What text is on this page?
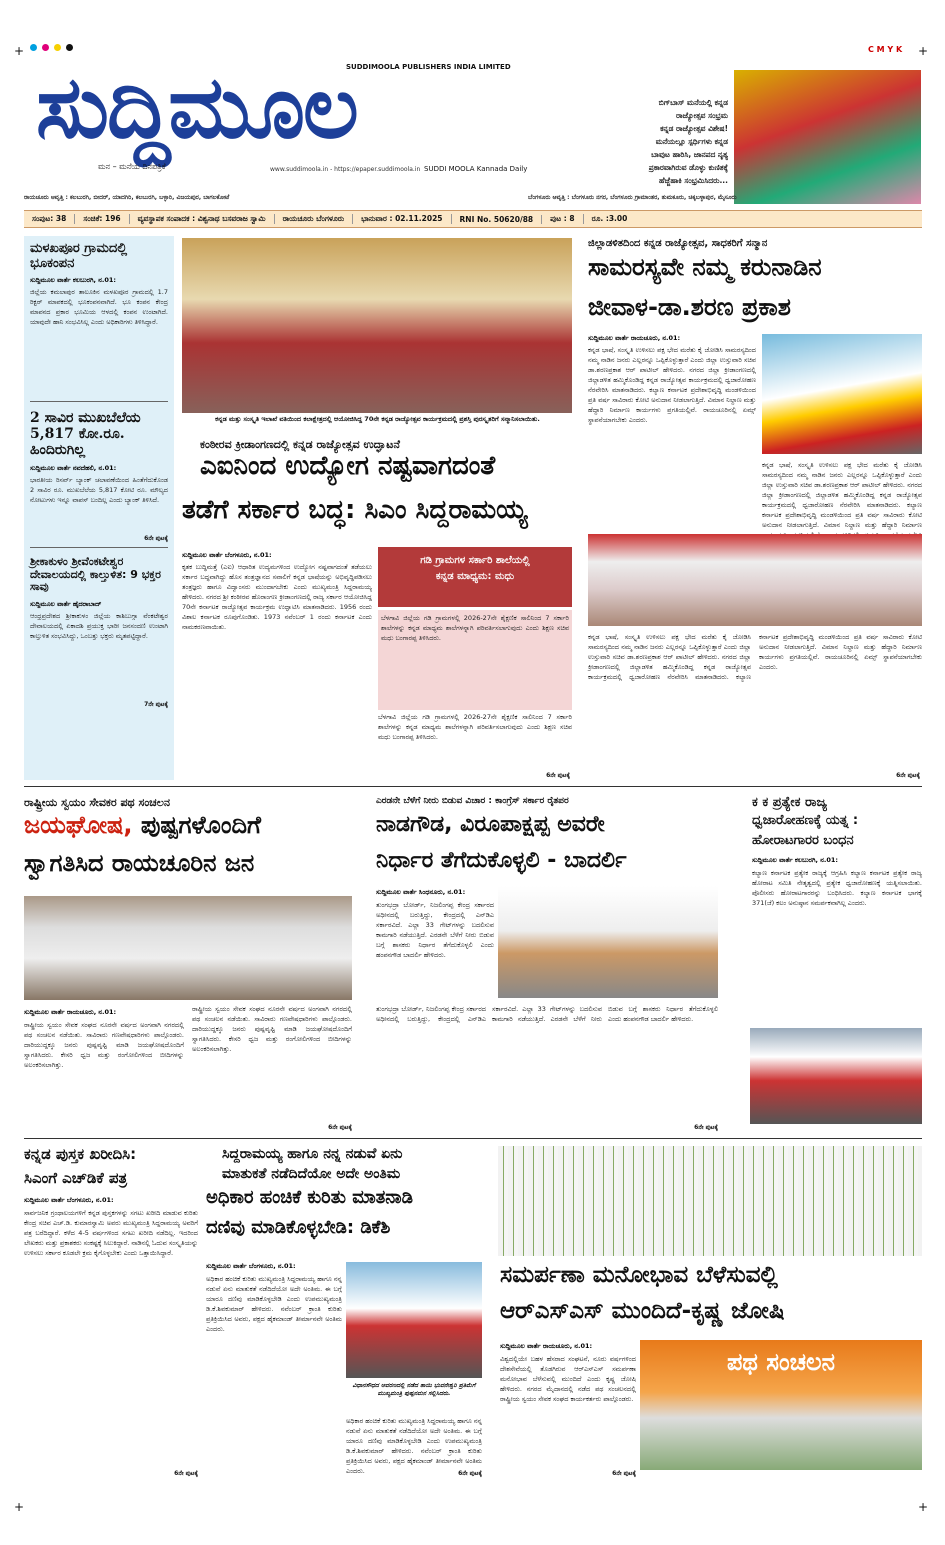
C M Y K
+	+
ಸುದ್ದಿಮೂಲ
SUDDIMOOLA PUBLISHERS INDIA LIMITED
ಮನ – ಮನೆಯ ದಿನಪತ್ರಿಕೆ	www.suddimoola.in - https://epaper.suddimoola.in SUDDI MOOLA Kannada Daily
ಬಿಗ್‌ಬಾಸ್ ಮನೆಯಲ್ಲಿ ಕನ್ನಡ
ರಾಜ್ಯೋತ್ಸವ ಸಂಭ್ರಮ
ಕನ್ನಡ ರಾಜ್ಯೋತ್ಸವ ವಿಶೇಷ!
ಮನೆಯಲ್ಲೂ ಸ್ಪರ್ಧಿಗಳು ಕನ್ನಡ
ಬಾವುಟ ಹಾರಿಸಿ, ಜಾನಪದ ನೃತ್ಯ
ಪ್ರಕಾರವಾಗಿರುವ ಡೊಳ್ಳು ಕುಣಿತಕ್ಕೆ
ಹೆಜ್ಜೆಹಾಕಿ ಸಂಭ್ರಮಿಸಿದರು...
ರಾಯಚೂರು ಆವೃತ್ತಿ : ಕಲಬುರಗಿ, ಬೀದರ್, ಯಾದಗಿರಿ, ಕಲಬುರಗಿ, ಬಳ್ಳಾರಿ, ವಿಜಯಪುರ, ಬಾಗಲಕೋಟೆ	ಬೆಂಗಳೂರು ಆವೃತ್ತಿ : ಬೆಂಗಳೂರು ನಗರ, ಬೆಂಗಳೂರು ಗ್ರಾಮಾಂತರ, ತುಮಕೂರು, ಚಿಕ್ಕಬಳ್ಳಾಪುರ, ಮೈಸೂರು
ಸಂಪುಟ: 38	ಸಂಚಿಕೆ: 196	ವ್ಯವಸ್ಥಾಪಕ ಸಂಪಾದಕ : ವಿಶ್ವನಾಥ ಬಸವರಾಜ ಸ್ವಾಮಿ	ರಾಯಚೂರು ಬೆಂಗಳೂರು	ಭಾನುವಾರ : 02.11.2025	RNI No. 50620/88	ಪುಟ : 8	ರೂ. :3.00
ಮಳಖಪೂರ ಗ್ರಾಮದಲ್ಲಿ ಭೂಕಂಪನ
ಸುದ್ದಿಮೂಲ ವಾರ್ತೆ ಕಲಬುರಗಿ, ನ.01:
ಜಿಲ್ಲೆಯ ಕಮಲಾಪುರ ತಾಲೂಕಿನ ಮಳಖಪೂರ ಗ್ರಾಮದಲ್ಲಿ 1.7 ರಿಕ್ಟರ್ ಮಾಪಕದಲ್ಲಿ ಭೂಕಂಪನವಾಗಿದೆ. ಭೂ ಕಂಪನ ಕೇಂದ್ರ ಮಾಪನದ ಪ್ರಕಾರ ಭೂಮಿಯ ಆಳದಲ್ಲಿ ಕಂಪನ ಉಂಟಾಗಿದೆ. ಯಾವುದೇ ಹಾನಿ ಸಂಭವಿಸಿಲ್ಲ ಎಂದು ಅಧಿಕಾರಿಗಳು ತಿಳಿಸಿದ್ದಾರೆ.
2 ಸಾವಿರ ಮುಖಬೆಲೆಯ 5,817 ಕೋ.ರೂ. ಹಿಂದಿರುಗಿಲ್ಲ
ಸುದ್ದಿಮೂಲ ವಾರ್ತೆ ನವದೆಹಲಿ, ನ.01:
ಭಾರತೀಯ ರಿಸರ್ವ್ ಬ್ಯಾಂಕ್ ಚಲಾವಣೆಯಿಂದ ಹಿಂತೆಗೆದುಕೊಂಡ 2 ಸಾವಿರ ರೂ. ಮುಖಬೆಲೆಯ 5,817 ಕೋಟಿ ರೂ. ಮೌಲ್ಯದ ನೋಟುಗಳು ಇನ್ನೂ ವಾಪಸ್ ಬಂದಿಲ್ಲ ಎಂದು ಬ್ಯಾಂಕ್ ತಿಳಿಸಿದೆ.
6ನೇ ಪುಟಕ್ಕೆ
ಶ್ರೀಕಾಕುಳಂ ಶ್ರೀವೆಂಕಟೇಶ್ವರ ದೇವಾಲಯದಲ್ಲಿ ಕಾಲ್ತುಳಿತ: 9 ಭಕ್ತರ ಸಾವು
ಸುದ್ದಿಮೂಲ ವಾರ್ತೆ ಹೈದರಾಬಾದ್
ಆಂಧ್ರಪ್ರದೇಶದ ಶ್ರೀಕಾಕುಳಂ ಜಿಲ್ಲೆಯ ಕಾಶಿಬುಗ್ಗಾ ವೆಂಕಟೇಶ್ವರ ದೇವಾಲಯದಲ್ಲಿ ಏಕಾದಶಿ ಪ್ರಯುಕ್ತ ಭಾರೀ ಜನಸಂದಣಿ ಉಂಟಾಗಿ ಕಾಲ್ತುಳಿತ ಸಂಭವಿಸಿದ್ದು, ಒಂಬತ್ತು ಭಕ್ತರು ಮೃತಪಟ್ಟಿದ್ದಾರೆ.
7ನೇ ಪುಟಕ್ಕೆ
ಕನ್ನಡ ಮತ್ತು ಸಂಸ್ಕೃತಿ ಇಲಾಖೆ ವತಿಯಿಂದ ಕಲಾಕ್ಷೇತ್ರದಲ್ಲಿ ಆಯೋಜಿಸಿದ್ದ 70ನೇ ಕನ್ನಡ ರಾಜ್ಯೋತ್ಸವ ಕಾರ್ಯಕ್ರಮದಲ್ಲಿ ಪ್ರಶಸ್ತಿ ಪುರಸ್ಕೃತರಿಗೆ ಸನ್ಮಾನಿಸಲಾಯಿತು.
ಕಂಠೀರವ ಕ್ರೀಡಾಂಗಣದಲ್ಲಿ ಕನ್ನಡ ರಾಜ್ಯೋತ್ಸವ ಉದ್ಘಾಟನೆ
ಎಐನಿಂದ ಉದ್ಯೋಗ ನಷ್ಟವಾಗದಂತೆ
ತಡೆಗೆ ಸರ್ಕಾರ ಬದ್ಧ: ಸಿಎಂ ಸಿದ್ದರಾಮಯ್ಯ
ಸುದ್ದಿಮೂಲ ವಾರ್ತೆ ಬೆಂಗಳೂರು, ನ.01:
ಕೃತಕ ಬುದ್ಧಿಮತ್ತೆ (ಎಐ) ಆಧಾರಿತ ಉದ್ಯಮಗಳಿಂದ ಉದ್ಯೋಗ ನಷ್ಟವಾಗದಂತೆ ತಡೆಯಲು ಸರ್ಕಾರ ಬದ್ಧವಾಗಿದ್ದು ಹೊಸ ತಂತ್ರಜ್ಞಾನದ ಸವಾಲಿಗೆ ಕನ್ನಡ ಭಾಷೆಯನ್ನು ಅಭಿವೃದ್ಧಿಪಡಿಸಲು ತಂತ್ರಜ್ಞರು ಹಾಗೂ ವಿದ್ವಾಂಸರು ಮುಂದಾಗಬೇಕು ಎಂದು ಮುಖ್ಯಮಂತ್ರಿ ಸಿದ್ದರಾಮಯ್ಯ ಹೇಳಿದರು. ನಗರದ ಶ್ರೀ ಕಂಠೀರವ ಹೊರಾಂಗಣ ಕ್ರೀಡಾಂಗಣದಲ್ಲಿ ರಾಜ್ಯ ಸರ್ಕಾರ ಆಯೋಜಿಸಿದ್ದ 70ನೇ ಕರ್ನಾಟಕ ರಾಜ್ಯೋತ್ಸವ ಕಾರ್ಯಕ್ರಮ ಉದ್ಘಾಟಿಸಿ ಮಾತನಾಡಿದರು. 1956 ರಂದು ವಿಶಾಲ ಕರ್ನಾಟಕ ರೂಪುಗೊಂಡಿತು. 1973 ನವೆಂಬರ್ 1 ರಂದು ಕರ್ನಾಟಕ ಎಂದು ನಾಮಕರಣವಾಯಿತು.
ಗಡಿ ಗ್ರಾಮಗಳ ಸರ್ಕಾರಿ ಶಾಲೆಯಲ್ಲಿ
ಕನ್ನಡ ಮಾಧ್ಯಮ: ಮಧು
ಬೆಳಗಾವಿ ಜಿಲ್ಲೆಯ ಗಡಿ ಗ್ರಾಮಗಳಲ್ಲಿ 2026-27ನೇ ಶೈಕ್ಷಣಿಕ ಸಾಲಿನಿಂದ 7 ಸರ್ಕಾರಿ ಶಾಲೆಗಳನ್ನು ಕನ್ನಡ ಮಾಧ್ಯಮ ಶಾಲೆಗಳನ್ನಾಗಿ ಪರಿವರ್ತಿಸಲಾಗುವುದು ಎಂದು ಶಿಕ್ಷಣ ಸಚಿವ ಮಧು ಬಂಗಾರಪ್ಪ ತಿಳಿಸಿದರು.
ಬೆಳಗಾವಿ ಜಿಲ್ಲೆಯ ಗಡಿ ಗ್ರಾಮಗಳಲ್ಲಿ 2026-27ನೇ ಶೈಕ್ಷಣಿಕ ಸಾಲಿನಿಂದ 7 ಸರ್ಕಾರಿ ಶಾಲೆಗಳನ್ನು ಕನ್ನಡ ಮಾಧ್ಯಮ ಶಾಲೆಗಳನ್ನಾಗಿ ಪರಿವರ್ತಿಸಲಾಗುವುದು ಎಂದು ಶಿಕ್ಷಣ ಸಚಿವ ಮಧು ಬಂಗಾರಪ್ಪ ತಿಳಿಸಿದರು.
6ನೇ ಪುಟಕ್ಕೆ
ಜಿಲ್ಲಾಡಳಿತದಿಂದ ಕನ್ನಡ ರಾಜ್ಯೋತ್ಸವ, ಸಾಧಕರಿಗೆ ಸನ್ಮಾನ
ಸಾಮರಸ್ಯವೇ ನಮ್ಮ ಕರುನಾಡಿನ
ಜೀವಾಳ-ಡಾ.ಶರಣ ಪ್ರಕಾಶ
ಸುದ್ದಿಮೂಲ ವಾರ್ತೆ ರಾಯಚೂರು, ನ.01:
ಕನ್ನಡ ಭಾಷೆ, ಸಂಸ್ಕೃತಿ ಉಳಿಸಲು ಪಕ್ಷ ಭೇದ ಮರೆತು ಕೈ ಜೋಡಿಸಿ ಸಾಮರಸ್ಯದಿಂದ ನಮ್ಮ ನಾಡಿನ ಜನರು ಎಲ್ಲರನ್ನೂ ಒಪ್ಪಿಕೊಳ್ಳುತ್ತಾರೆ ಎಂದು ಜಿಲ್ಲಾ ಉಸ್ತುವಾರಿ ಸಚಿವ ಡಾ.ಶರಣಪ್ರಕಾಶ ಆರ್ ಪಾಟೀಲ್ ಹೇಳಿದರು. ನಗರದ ಜಿಲ್ಲಾ ಕ್ರೀಡಾಂಗಣದಲ್ಲಿ ಜಿಲ್ಲಾಡಳಿತ ಹಮ್ಮಿಕೊಂಡಿದ್ದ ಕನ್ನಡ ರಾಜ್ಯೋತ್ಸವ ಕಾರ್ಯಕ್ರಮದಲ್ಲಿ ಧ್ವಜಾರೋಹಣ ನೆರವೇರಿಸಿ ಮಾತನಾಡಿದರು. ಕಲ್ಯಾಣ ಕರ್ನಾಟಕ ಪ್ರದೇಶಾಭಿವೃದ್ಧಿ ಮಂಡಳಿಯಿಂದ ಪ್ರತಿ ವರ್ಷ ಸಾವಿರಾರು ಕೋಟಿ ಅನುದಾನ ನೀಡಲಾಗುತ್ತಿದೆ. ವಿಮಾನ ನಿಲ್ದಾಣ ಮತ್ತು ಹೆದ್ದಾರಿ ನಿರ್ಮಾಣ ಕಾರ್ಯಗಳು ಪ್ರಗತಿಯಲ್ಲಿವೆ. ರಾಯಚೂರಿನಲ್ಲಿ ಏಮ್ಸ್ ಸ್ಥಾಪನೆಯಾಗಬೇಕು ಎಂದರು.
ಕನ್ನಡ ಭಾಷೆ, ಸಂಸ್ಕೃತಿ ಉಳಿಸಲು ಪಕ್ಷ ಭೇದ ಮರೆತು ಕೈ ಜೋಡಿಸಿ ಸಾಮರಸ್ಯದಿಂದ ನಮ್ಮ ನಾಡಿನ ಜನರು ಎಲ್ಲರನ್ನೂ ಒಪ್ಪಿಕೊಳ್ಳುತ್ತಾರೆ ಎಂದು ಜಿಲ್ಲಾ ಉಸ್ತುವಾರಿ ಸಚಿವ ಡಾ.ಶರಣಪ್ರಕಾಶ ಆರ್ ಪಾಟೀಲ್ ಹೇಳಿದರು. ನಗರದ ಜಿಲ್ಲಾ ಕ್ರೀಡಾಂಗಣದಲ್ಲಿ ಜಿಲ್ಲಾಡಳಿತ ಹಮ್ಮಿಕೊಂಡಿದ್ದ ಕನ್ನಡ ರಾಜ್ಯೋತ್ಸವ ಕಾರ್ಯಕ್ರಮದಲ್ಲಿ ಧ್ವಜಾರೋಹಣ ನೆರವೇರಿಸಿ ಮಾತನಾಡಿದರು. ಕಲ್ಯಾಣ ಕರ್ನಾಟಕ ಪ್ರದೇಶಾಭಿವೃದ್ಧಿ ಮಂಡಳಿಯಿಂದ ಪ್ರತಿ ವರ್ಷ ಸಾವಿರಾರು ಕೋಟಿ ಅನುದಾನ ನೀಡಲಾಗುತ್ತಿದೆ. ವಿಮಾನ ನಿಲ್ದಾಣ ಮತ್ತು ಹೆದ್ದಾರಿ ನಿರ್ಮಾಣ
ಕನ್ನಡ ಭಾಷೆ, ಸಂಸ್ಕೃತಿ ಉಳಿಸಲು ಪಕ್ಷ ಭೇದ ಮರೆತು ಕೈ ಜೋಡಿಸಿ ಸಾಮರಸ್ಯದಿಂದ ನಮ್ಮ ನಾಡಿನ ಜನರು ಎಲ್ಲರನ್ನೂ ಒಪ್ಪಿಕೊಳ್ಳುತ್ತಾರೆ ಎಂದು ಜಿಲ್ಲಾ ಉಸ್ತುವಾರಿ ಸಚಿವ ಡಾ.ಶರಣಪ್ರಕಾಶ ಆರ್ ಪಾಟೀಲ್ ಹೇಳಿದರು. ನಗರದ ಜಿಲ್ಲಾ ಕ್ರೀಡಾಂಗಣದಲ್ಲಿ ಜಿಲ್ಲಾಡಳಿತ ಹಮ್ಮಿಕೊಂಡಿದ್ದ ಕನ್ನಡ ರಾಜ್ಯೋತ್ಸವ ಕಾರ್ಯಕ್ರಮದಲ್ಲಿ ಧ್ವಜಾರೋಹಣ ನೆರವೇರಿಸಿ ಮಾತನಾಡಿದರು. ಕಲ್ಯಾಣ ಕರ್ನಾಟಕ ಪ್ರದೇಶಾಭಿವೃದ್ಧಿ ಮಂಡಳಿಯಿಂದ ಪ್ರತಿ ವರ್ಷ ಸಾವಿರಾರು ಕೋಟಿ ಅನುದಾನ ನೀಡಲಾಗುತ್ತಿದೆ. ವಿಮಾನ ನಿಲ್ದಾಣ ಮತ್ತು ಹೆದ್ದಾರಿ ನಿರ್ಮಾಣ ಕಾರ್ಯಗಳು ಪ್ರಗತಿಯಲ್ಲಿವೆ. ರಾಯಚೂರಿನಲ್ಲಿ ಏಮ್ಸ್ ಸ್ಥಾಪನೆಯಾಗಬೇಕು ಎಂದರು.
6ನೇ ಪುಟಕ್ಕೆ
ರಾಷ್ಟ್ರೀಯ ಸ್ವಯಂ ಸೇವಕರ ಪಥ ಸಂಚಲನ
ಜಯಘೋಷ, ಪುಷ್ಪಗಳೊಂದಿಗೆ
ಸ್ವಾಗತಿಸಿದ ರಾಯಚೂರಿನ ಜನ
ಸುದ್ದಿಮೂಲ ವಾರ್ತೆ ರಾಯಚೂರು, ನ.01:
ರಾಷ್ಟ್ರೀಯ ಸ್ವಯಂ ಸೇವಕ ಸಂಘದ ನೂರನೇ ವರ್ಷದ ಅಂಗವಾಗಿ ನಗರದಲ್ಲಿ ಪಥ ಸಂಚಲನ ನಡೆಯಿತು. ಸಾವಿರಾರು ಗಣವೇಷಧಾರಿಗಳು ಪಾಲ್ಗೊಂಡರು. ದಾರಿಯುದ್ದಕ್ಕೂ ಜನರು ಪುಷ್ಪವೃಷ್ಟಿ ಮಾಡಿ ಜಯಘೋಷದೊಂದಿಗೆ ಸ್ವಾಗತಿಸಿದರು. ಕೇಸರಿ ಧ್ವಜ ಮತ್ತು ರಂಗೋಲಿಗಳಿಂದ ಬೀದಿಗಳನ್ನು ಅಲಂಕರಿಸಲಾಗಿತ್ತು.
ರಾಷ್ಟ್ರೀಯ ಸ್ವಯಂ ಸೇವಕ ಸಂಘದ ನೂರನೇ ವರ್ಷದ ಅಂಗವಾಗಿ ನಗರದಲ್ಲಿ ಪಥ ಸಂಚಲನ ನಡೆಯಿತು. ಸಾವಿರಾರು ಗಣವೇಷಧಾರಿಗಳು ಪಾಲ್ಗೊಂಡರು. ದಾರಿಯುದ್ದಕ್ಕೂ ಜನರು ಪುಷ್ಪವೃಷ್ಟಿ ಮಾಡಿ ಜಯಘೋಷದೊಂದಿಗೆ ಸ್ವಾಗತಿಸಿದರು. ಕೇಸರಿ ಧ್ವಜ ಮತ್ತು ರಂಗೋಲಿಗಳಿಂದ ಬೀದಿಗಳನ್ನು ಅಲಂಕರಿಸಲಾಗಿತ್ತು.
6ನೇ ಪುಟಕ್ಕೆ
ಎರಡನೇ ಬೆಳೆಗೆ ನೀರು ಬಿಡುವ ವಿಚಾರ : ಕಾಂಗ್ರೆಸ್ ಸರ್ಕಾರ ರೈತಪರ
ನಾಡಗೌಡ, ವಿರೂಪಾಕ್ಷಪ್ಪ ಅವರೇ
ನಿರ್ಧಾರ ತೆಗೆದುಕೊಳ್ಳಲಿ - ಬಾದರ್ಲಿ
ಸುದ್ದಿಮೂಲ ವಾರ್ತೆ ಸಿಂಧನೂರು, ನ.01:
ತುಂಗಭದ್ರಾ ಬೋರ್ಡ್, ನಿಜಲಿಂಗಪ್ಪ ಕೇಂದ್ರ ಸರ್ಕಾರದ ಅಧೀನದಲ್ಲಿ ಬರುತ್ತಿದ್ದು, ಕೇಂದ್ರದಲ್ಲಿ ಎನ್‌ಡಿಎ ಸರ್ಕಾರವಿದೆ. ಎಲ್ಲಾ 33 ಗೇಟ್‌ಗಳನ್ನು ಬದಲಿಸುವ ಕಾಮಗಾರಿ ನಡೆಯುತ್ತಿದೆ. ಎರಡನೇ ಬೆಳೆಗೆ ನೀರು ಬಿಡುವ ಬಗ್ಗೆ ಶಾಸಕರು ನಿರ್ಧಾರ ತೆಗೆದುಕೊಳ್ಳಲಿ ಎಂದು ಹಂಪನಗೌಡ ಬಾದರ್ಲಿ ಹೇಳಿದರು.
ತುಂಗಭದ್ರಾ ಬೋರ್ಡ್, ನಿಜಲಿಂಗಪ್ಪ ಕೇಂದ್ರ ಸರ್ಕಾರದ ಅಧೀನದಲ್ಲಿ ಬರುತ್ತಿದ್ದು, ಕೇಂದ್ರದಲ್ಲಿ ಎನ್‌ಡಿಎ ಸರ್ಕಾರವಿದೆ. ಎಲ್ಲಾ 33 ಗೇಟ್‌ಗಳನ್ನು ಬದಲಿಸುವ ಕಾಮಗಾರಿ ನಡೆಯುತ್ತಿದೆ. ಎರಡನೇ ಬೆಳೆಗೆ ನೀರು ಬಿಡುವ ಬಗ್ಗೆ ಶಾಸಕರು ನಿರ್ಧಾರ ತೆಗೆದುಕೊಳ್ಳಲಿ ಎಂದು ಹಂಪನಗೌಡ ಬಾದರ್ಲಿ ಹೇಳಿದರು.
6ನೇ ಪುಟಕ್ಕೆ
ಕ ಕ ಪ್ರತ್ಯೇಕ ರಾಜ್ಯ
ಧ್ವಜಾರೋಹಣಕ್ಕೆ ಯತ್ನ :
ಹೋರಾಟಗಾರರ ಬಂಧನ
ಸುದ್ದಿಮೂಲ ವಾರ್ತೆ ಕಲಬುರಗಿ, ನ.01:
ಕಲ್ಯಾಣ ಕರ್ನಾಟಕ ಪ್ರತ್ಯೇಕ ರಾಜ್ಯಕ್ಕೆ ಆಗ್ರಹಿಸಿ ಕಲ್ಯಾಣ ಕರ್ನಾಟಕ ಪ್ರತ್ಯೇಕ ರಾಜ್ಯ ಹೋರಾಟ ಸಮಿತಿ ನೇತೃತ್ವದಲ್ಲಿ ಪ್ರತ್ಯೇಕ ಧ್ವಜಾರೋಹಣಕ್ಕೆ ಯತ್ನಿಸಲಾಯಿತು. ಪೊಲೀಸರು ಹೋರಾಟಗಾರರನ್ನು ಬಂಧಿಸಿದರು. ಕಲ್ಯಾಣ ಕರ್ನಾಟಕ ಭಾಗಕ್ಕೆ 371(ಜೆ) ಕಲಂ ಅನುಷ್ಠಾನ ಸಮರ್ಪಕವಾಗಿಲ್ಲ ಎಂದರು.
ಕನ್ನಡ ಪುಸ್ತಕ ಖರೀದಿಸಿ:
ಸಿಎಂಗೆ ಎಚ್‌ಡಿಕೆ ಪತ್ರ
ಸುದ್ದಿಮೂಲ ವಾರ್ತೆ ಬೆಂಗಳೂರು, ನ.01:
ಸಾರ್ವಜನಿಕ ಗ್ರಂಥಾಲಯಗಳಿಗೆ ಕನ್ನಡ ಪುಸ್ತಕಗಳನ್ನು ಸಗಟು ಖರೀದಿ ಮಾಡುವ ಕುರಿತು ಕೇಂದ್ರ ಸಚಿವ ಎಚ್.ಡಿ. ಕುಮಾರಸ್ವಾಮಿ ಅವರು ಮುಖ್ಯಮಂತ್ರಿ ಸಿದ್ದರಾಮಯ್ಯ ಅವರಿಗೆ ಪತ್ರ ಬರೆದಿದ್ದಾರೆ. ಕಳೆದ 4-5 ವರ್ಷಗಳಿಂದ ಸಗಟು ಖರೀದಿ ನಡೆದಿಲ್ಲ. ಇದರಿಂದ ಲೇಖಕರು ಮತ್ತು ಪ್ರಕಾಶಕರು ಸಂಕಷ್ಟಕ್ಕೆ ಸಿಲುಕಿದ್ದಾರೆ. ನಾಡಿನಲ್ಲಿ ಓದುವ ಸಂಸ್ಕೃತಿಯನ್ನು ಉಳಿಸಲು ಸರ್ಕಾರ ಕೂಡಲೇ ಕ್ರಮ ಕೈಗೊಳ್ಳಬೇಕು ಎಂದು ಒತ್ತಾಯಿಸಿದ್ದಾರೆ.
6ನೇ ಪುಟಕ್ಕೆ
ಸಿದ್ದರಾಮಯ್ಯ ಹಾಗೂ ನನ್ನ ನಡುವೆ ಏನು
ಮಾತುಕತೆ ನಡೆದಿದೆಯೋ ಅದೇ ಅಂತಿಮ
ಅಧಿಕಾರ ಹಂಚಿಕೆ ಕುರಿತು ಮಾತನಾಡಿ
ದಣಿವು ಮಾಡಿಕೊಳ್ಳಬೇಡಿ: ಡಿಕೆಶಿ
ಸುದ್ದಿಮೂಲ ವಾರ್ತೆ ಬೆಂಗಳೂರು, ನ.01:
ಅಧಿಕಾರ ಹಂಚಿಕೆ ಕುರಿತು ಮುಖ್ಯಮಂತ್ರಿ ಸಿದ್ದರಾಮಯ್ಯ ಹಾಗೂ ನನ್ನ ನಡುವೆ ಏನು ಮಾತುಕತೆ ನಡೆದಿದೆಯೋ ಅದೇ ಅಂತಿಮ. ಈ ಬಗ್ಗೆ ಯಾರೂ ದಣಿವು ಮಾಡಿಕೊಳ್ಳಬೇಡಿ ಎಂದು ಉಪಮುಖ್ಯಮಂತ್ರಿ ಡಿ.ಕೆ.ಶಿವಕುಮಾರ್ ಹೇಳಿದರು. ನವೆಂಬರ್ ಕ್ರಾಂತಿ ಕುರಿತು ಪ್ರತಿಕ್ರಿಯಿಸಿದ ಅವರು, ಪಕ್ಷದ ಹೈಕಮಾಂಡ್ ತೀರ್ಮಾನವೇ ಅಂತಿಮ ಎಂದರು.
ವಿಧಾನಸೌಧದ ಆವರಣದಲ್ಲಿ ನಡೆದ ತಾಯಿ ಭುವನೇಶ್ವರಿ ಪ್ರತಿಮೆಗೆ ಮುಖ್ಯಮಂತ್ರಿ ಪುಷ್ಪನಮನ ಸಲ್ಲಿಸಿದರು.
ಅಧಿಕಾರ ಹಂಚಿಕೆ ಕುರಿತು ಮುಖ್ಯಮಂತ್ರಿ ಸಿದ್ದರಾಮಯ್ಯ ಹಾಗೂ ನನ್ನ ನಡುವೆ ಏನು ಮಾತುಕತೆ ನಡೆದಿದೆಯೋ ಅದೇ ಅಂತಿಮ. ಈ ಬಗ್ಗೆ ಯಾರೂ ದಣಿವು ಮಾಡಿಕೊಳ್ಳಬೇಡಿ ಎಂದು ಉಪಮುಖ್ಯಮಂತ್ರಿ ಡಿ.ಕೆ.ಶಿವಕುಮಾರ್ ಹೇಳಿದರು. ನವೆಂಬರ್ ಕ್ರಾಂತಿ ಕುರಿತು ಪ್ರತಿಕ್ರಿಯಿಸಿದ ಅವರು, ಪಕ್ಷದ ಹೈಕಮಾಂಡ್ ತೀರ್ಮಾನವೇ ಅಂತಿಮ ಎಂದರು.	6ನೇ ಪುಟಕ್ಕೆ
ಸಮರ್ಪಣಾ ಮನೋಭಾವ ಬೆಳೆಸುವಲ್ಲಿ
ಆರ್‌ಎಸ್‌ಎಸ್ ಮುಂದಿದೆ-ಕೃಷ್ಣ ಜೋಷಿ
ಸುದ್ದಿಮೂಲ ವಾರ್ತೆ ರಾಯಚೂರು, ನ.01:
ವಿಶ್ವದಲ್ಲಿಯೇ ಬಹಳ ಹೆಸರಾದ ಸಂಘಟನೆ, ನೂರು ವರ್ಷಗಳಿಂದ ದೇಶಸೇವೆಯಲ್ಲಿ ತೊಡಗಿರುವ ಆರ್‌ಎಸ್‌ಎಸ್ ಸಮರ್ಪಣಾ ಮನೋಭಾವ ಬೆಳೆಸುವಲ್ಲಿ ಮುಂದಿದೆ ಎಂದು ಕೃಷ್ಣ ಜೋಷಿ ಹೇಳಿದರು. ನಗರದ ಮೈದಾನದಲ್ಲಿ ನಡೆದ ಪಥ ಸಂಚಲನದಲ್ಲಿ ರಾಷ್ಟ್ರೀಯ ಸ್ವಯಂ ಸೇವಕ ಸಂಘದ ಕಾರ್ಯಕರ್ತರು ಪಾಲ್ಗೊಂಡರು.
ಪಥ ಸಂಚಲನ
6ನೇ ಪುಟಕ್ಕೆ
+	+
